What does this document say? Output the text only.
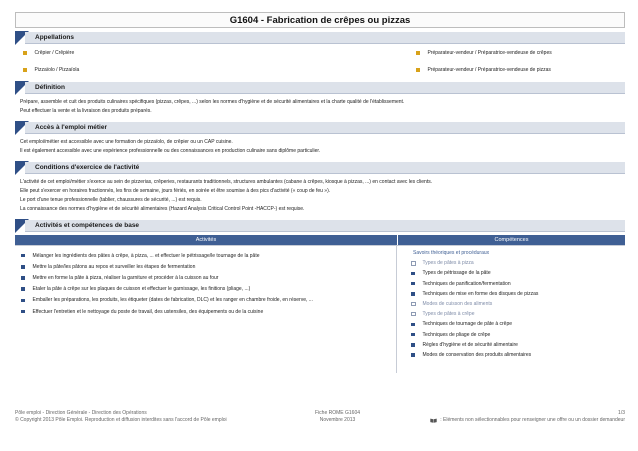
G1604 - Fabrication de crêpes ou pizzas
Appellations
Crêpier / Crêpière	Préparateur-vendeur / Préparatrice-vendeuse de crêpes
Pizzaïolo / Pizzaïola	Préparateur-vendeur / Préparatrice-vendeuse de pizzas
Définition

Prépare, assemble et cuit des produits culinaires spécifiques (pizzas, crêpes, ...) selon les normes d'hygiène et de sécurité alimentaires et la charte qualité de l'établissement.

Peut effectuer la vente et la livraison des produits préparés.

Accès à l'emploi métier

Cet emploi/métier est accessible avec une formation de pizzaïolo, de crêpier ou un CAP cuisine.

Il est également accessible avec une expérience professionnelle ou des connaissances en production culinaire sans diplôme particulier.

Conditions d'exercice de l'activité

L'activité de cet emploi/métier s'exerce au sein de pizzerias, crêperies, restaurants traditionnels, structures ambulantes (cabane à crêpes, kiosque à pizzas, ...) en contact avec les clients.

Elle peut s'exercer en horaires fractionnés, les fins de semaine, jours fériés, en soirée et être soumise à des pics d'activité (« coup de feu »).

Le port d'une tenue professionnelle (tablier, chaussures de sécurité, ...) est requis.

La connaissance des normes d'hygiène et de sécurité alimentaires (Hazard Analysis Critical Control Point -HACCP-) est requise.

Activités et compétences de base
Activités	Compétences
Mélanger les ingrédients des pâtes à crêpe, à pizza, ... et effectuer le pétrissage/le tournage de la pâte
Mettre la pâte/les pâtons au repos et surveiller les étapes de fermentation
Mettre en forme la pâte à pizza, réaliser la garniture et procéder à la cuisson au four
Etaler la pâte à crêpe sur les plaques de cuisson et effectuer le garnissage, les finitions (pliage, ...)
Emballer les préparations, les produits, les étiqueter (dates de fabrication, DLC) et les ranger en chambre froide, en réserve, ...
Effectuer l'entretien et le nettoyage du poste de travail, des ustensiles, des équipements ou de la cuisine
Savoirs théoriques et procéduraux
Types de pâtes à pizza
Types de pétrissage de la pâte
Techniques de panification/fermentation
Techniques de mise en forme des disques de pizzas
Modes de cuisson des aliments
Types de pâtes à crêpe
Techniques de tournage de pâte à crêpe
Techniques de pliage de crêpe
Règles d'hygiène et de sécurité alimentaire
Modes de conservation des produits alimentaires
Pôle emploi - Direction Générale - Direction des Opérations
© Copyright 2013 Pôle Emploi. Reproduction et diffusion interdites sans l'accord de Pôle emploi
Fiche ROME G1604
Novembre 2013
1/3
: Eléments non sélectionnables pour renseigner une offre ou un dossier demandeur
